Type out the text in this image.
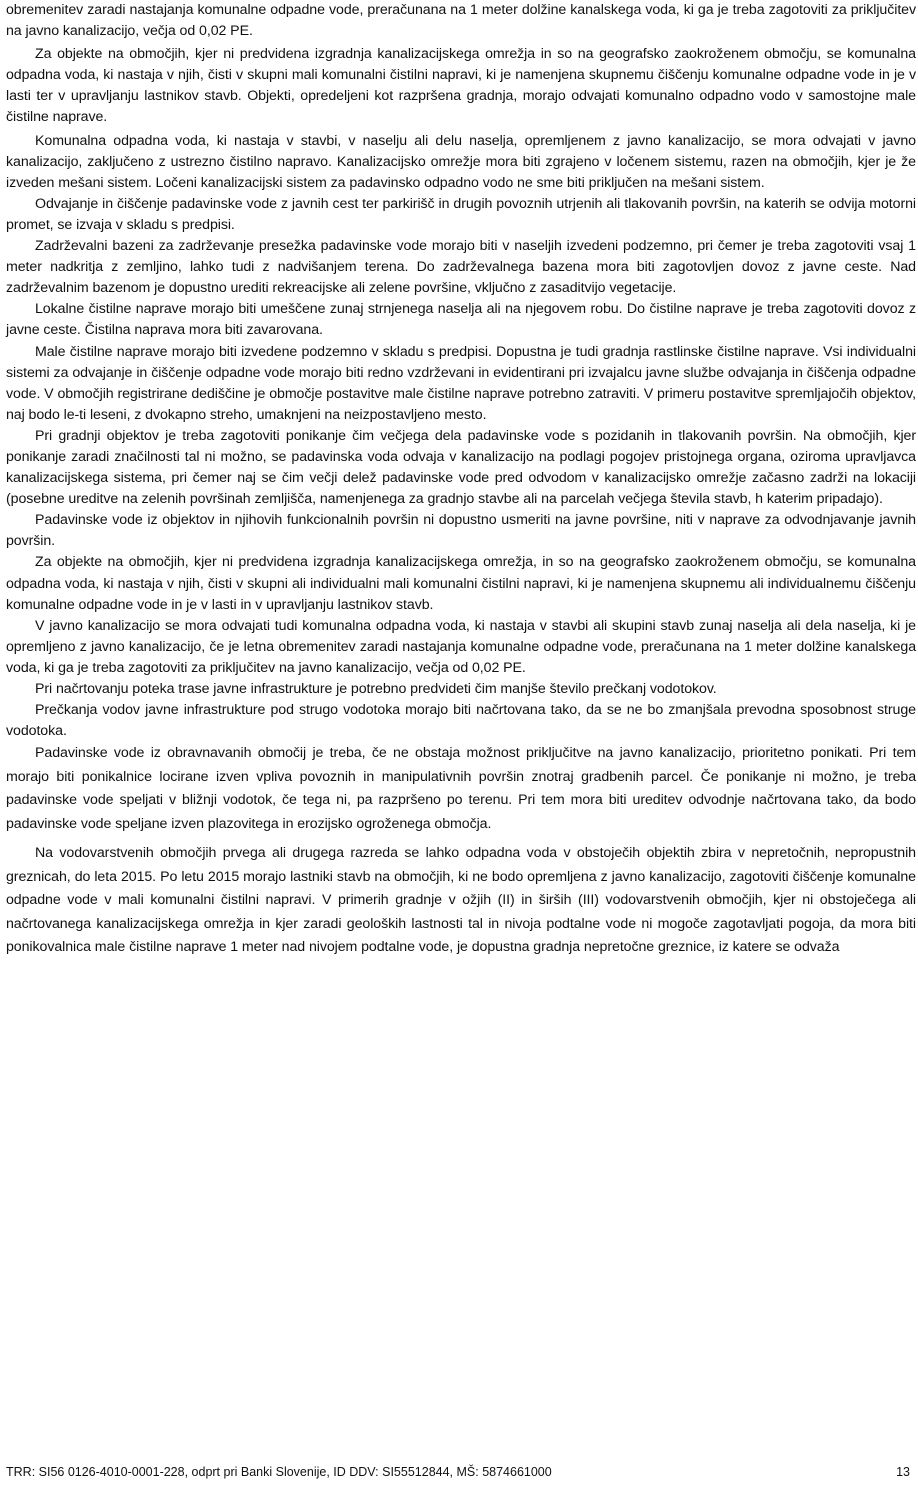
obremenitev zaradi nastajanja komunalne odpadne vode, preračunana na 1 meter dolžine kanalskega voda, ki ga je treba zagotoviti za priključitev na javno kanalizacijo, večja od 0,02 PE.

Za objekte na območjih, kjer ni predvidena izgradnja kanalizacijskega omrežja in so na geografsko zaokroženem območju, se komunalna odpadna voda, ki nastaja v njih, čisti v skupni mali komunalni čistilni napravi, ki je namenjena skupnemu čiščenju komunalne odpadne vode in je v lasti ter v upravljanju lastnikov stavb. Objekti, opredeljeni kot razpršena gradnja, morajo odvajati komunalno odpadno vodo v samostojne male čistilne naprave.

Komunalna odpadna voda, ki nastaja v stavbi, v naselju ali delu naselja, opremljenem z javno kanalizacijo, se mora odvajati v javno kanalizacijo, zaključeno z ustrezno čistilno napravo. Kanalizacijsko omrežje mora biti zgrajeno v ločenem sistemu, razen na območjih, kjer je že izveden mešani sistem. Ločeni kanalizacijski sistem za padavinsko odpadno vodo ne sme biti priključen na mešani sistem.

Odvajanje in čiščenje padavinske vode z javnih cest ter parkirišč in drugih povoznih utrjenih ali tlakovanih površin, na katerih se odvija motorni promet, se izvaja v skladu s predpisi.

Zadrževalni bazeni za zadrževanje presežka padavinske vode morajo biti v naseljih izvedeni podzemno, pri čemer je treba zagotoviti vsaj 1 meter nadkritja z zemljino, lahko tudi z nadvišanjem terena. Do zadrževalnega bazena mora biti zagotovljen dovoz z javne ceste. Nad zadrževalnim bazenom je dopustno urediti rekreacijske ali zelene površine, vključno z zasaditvijo vegetacije.

Lokalne čistilne naprave morajo biti umeščene zunaj strnjenega naselja ali na njegovem robu. Do čistilne naprave je treba zagotoviti dovoz z javne ceste. Čistilna naprava mora biti zavarovana.

Male čistilne naprave morajo biti izvedene podzemno v skladu s predpisi. Dopustna je tudi gradnja rastlinske čistilne naprave. Vsi individualni sistemi za odvajanje in čiščenje odpadne vode morajo biti redno vzdrževani in evidentirani pri izvajalcu javne službe odvajanja in čiščenja odpadne vode. V območjih registrirane dediščine je območje postavitve male čistilne naprave potrebno zatraviti. V primeru postavitve spremljajočih objektov, naj bodo le-ti leseni, z dvokapno streho, umaknjeni na neizpostavljeno mesto.

Pri gradnji objektov je treba zagotoviti ponikanje čim večjega dela padavinske vode s pozidanih in tlakovanih površin. Na območjih, kjer ponikanje zaradi značilnosti tal ni možno, se padavinska voda odvaja v kanalizacijo na podlagi pogojev pristojnega organa, oziroma upravljavca kanalizacijskega sistema, pri čemer naj se čim večji delež padavinske vode pred odvodom v kanalizacijsko omrežje začasno zadrži na lokaciji (posebne ureditve na zelenih površinah zemljišča, namenjenega za gradnjo stavbe ali na parcelah večjega števila stavb, h katerim pripadajo).

Padavinske vode iz objektov in njihovih funkcionalnih površin ni dopustno usmeriti na javne površine, niti v naprave za odvodnjavanje javnih površin.

Za objekte na območjih, kjer ni predvidena izgradnja kanalizacijskega omrežja, in so na geografsko zaokroženem območju, se komunalna odpadna voda, ki nastaja v njih, čisti v skupni ali individualni mali komunalni čistilni napravi, ki je namenjena skupnemu ali individualnemu čiščenju komunalne odpadne vode in je v lasti in v upravljanju lastnikov stavb.

V javno kanalizacijo se mora odvajati tudi komunalna odpadna voda, ki nastaja v stavbi ali skupini stavb zunaj naselja ali dela naselja, ki je opremljeno z javno kanalizacijo, če je letna obremenitev zaradi nastajanja komunalne odpadne vode, preračunana na 1 meter dolžine kanalskega voda, ki ga je treba zagotoviti za priključitev na javno kanalizacijo, večja od 0,02 PE.

Pri načrtovanju poteka trase javne infrastrukture je potrebno predvideti čim manjše število prečkanj vodotokov.

Prečkanja vodov javne infrastrukture pod strugo vodotoka morajo biti načrtovana tako, da se ne bo zmanjšala prevodna sposobnost struge vodotoka.

Padavinske vode iz obravnavanih območij je treba, če ne obstaja možnost priključitve na javno kanalizacijo, prioritetno ponikati. Pri tem morajo biti ponikalnice locirane izven vpliva povoznih in manipulativnih površin znotraj gradbenih parcel. Če ponikanje ni možno, je treba padavinske vode speljati v bližnji vodotok, če tega ni, pa razpršeno po terenu. Pri tem mora biti ureditev odvodnje načrtovana tako, da bodo padavinske vode speljane izven plazovitega in erozijsko ogroženega območja.

Na vodovarstvenih območjih prvega ali drugega razreda se lahko odpadna voda v obstoječih objektih zbira v nepretočnih, nepropustnih greznicah, do leta 2015. Po letu 2015 morajo lastniki stavb na območjih, ki ne bodo opremljena z javno kanalizacijo, zagotoviti čiščenje komunalne odpadne vode v mali komunalni čistilni napravi. V primerih gradnje v ožjih (II) in širših (III) vodovarstvenih območjih, kjer ni obstoječega ali načrtovanega kanalizacijskega omrežja in kjer zaradi geoloških lastnosti tal in nivoja podtalne vode ni mogoče zagotavljati pogoja, da mora biti ponikovalnica male čistilne naprave 1 meter nad nivojem podtalne vode, je dopustna gradnja nepretočne greznice, iz katere se odvaža

TRR: SI56 0126-4010-0001-228, odprt pri Banki Slovenije, ID DDV: SI55512844, MŠ: 5874661000	13
